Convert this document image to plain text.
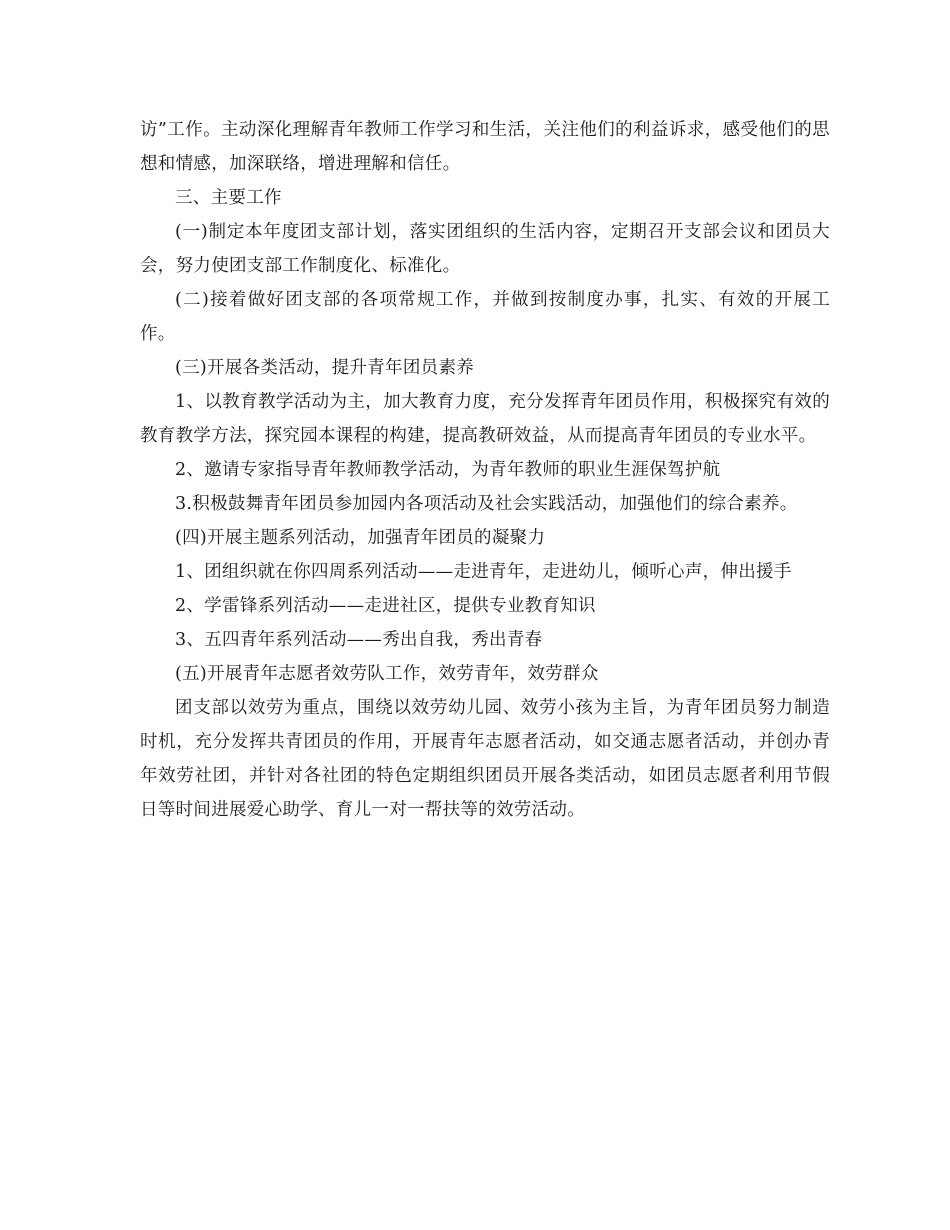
访”工作。主动深化理解青年教师工作学习和生活，关注他们的利益诉求，感受他们的思想和情感，加深联络，增进理解和信任。

三、主要工作

(一)制定本年度团支部计划，落实团组织的生活内容，定期召开支部会议和团员大会，努力使团支部工作制度化、标准化。

(二)接着做好团支部的各项常规工作，并做到按制度办事，扎实、有效的开展工作。

(三)开展各类活动，提升青年团员素养

1、以教育教学活动为主，加大教育力度，充分发挥青年团员作用，积极探究有效的教育教学方法，探究园本课程的构建，提高教研效益，从而提高青年团员的专业水平。

2、邀请专家指导青年教师教学活动，为青年教师的职业生涯保驾护航

3.积极鼓舞青年团员参加园内各项活动及社会实践活动，加强他们的综合素养。

(四)开展主题系列活动，加强青年团员的凝聚力

1、团组织就在你四周系列活动——走进青年，走进幼儿，倾听心声，伸出援手

2、学雷锋系列活动——走进社区，提供专业教育知识

3、五四青年系列活动——秀出自我，秀出青春

(五)开展青年志愿者效劳队工作，效劳青年，效劳群众

团支部以效劳为重点，围绕以效劳幼儿园、效劳小孩为主旨，为青年团员努力制造时机，充分发挥共青团员的作用，开展青年志愿者活动，如交通志愿者活动，并创办青年效劳社团，并针对各社团的特色定期组织团员开展各类活动，如团员志愿者利用节假日等时间进展爱心助学、育儿一对一帮扶等的效劳活动。
